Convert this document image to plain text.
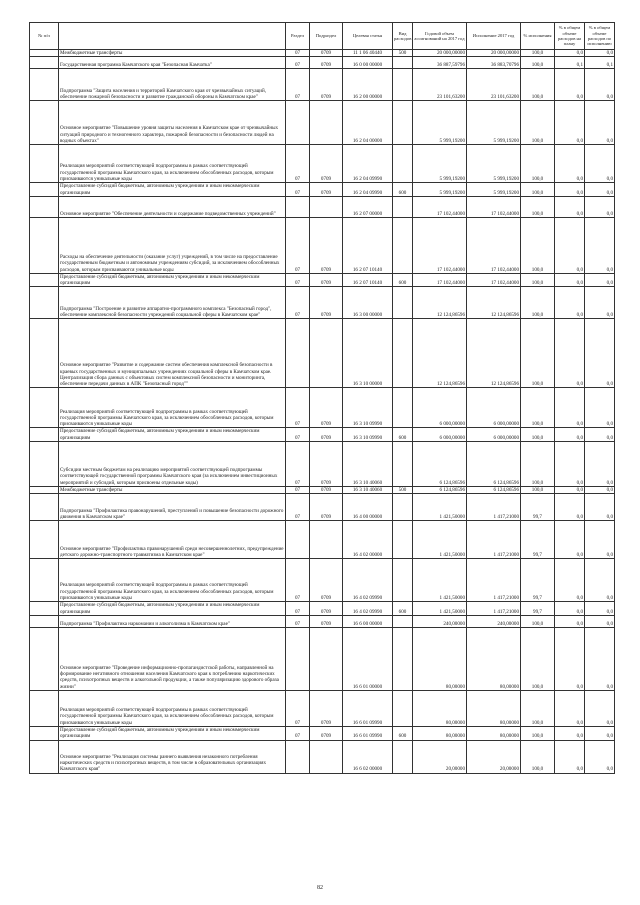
№ п/п		Раздел	Подраздел	Целевая статья	Вид расходов	Годовой объем ассигнований на 2017 год	Исполнение 2017 год	% исполнения	% в общем объеме расходов на плану	% в общем объеме расходов по исполнению
	Межбюджетные трансферты	07	0709	11 1 06 40440	500	20 000,00000	20 000,00000	100,0	0,0	0,0
	Государственная программа Камчатского края "Безопасная Камчатка"	07	0709	16 0 00 00000		36 887,59796	36 883,70796	100,0	0,1	0,1
	Подпрограмма "Защита населения и территорий Камчатского края от чрезвычайных ситуаций, обеспечение пожарной безопасности и развитие гражданской обороны в Камчатском крае"	07	0709	16 2 00 00000		23 101,63200	23 101,63200	100,0	0,0	0,0
	Основное мероприятие "Повышение уровня защиты населения в Камчатском крае от чрезвычайных ситуаций природного и техногенного характера, пожарной безопасности и безопасности людей на водных объектах"			16 2 04 00000		5 999,19200	5 999,19200	100,0	0,0	0,0
	Реализация мероприятий соответствующей подпрограммы в рамках соответствующей государственной программы Камчатского края, за исключением обособленных расходов, которым присваиваются уникальные коды	07	0709	16 2 04 09990		5 999,19200	5 999,19200	100,0	0,0	0,0
	Предоставление субсидий бюджетным, автономным учреждениям и иным некоммерческим организациям	07	0709	16 2 04 09990	600	5 999,19200	5 999,19200	100,0	0,0	0,0
	Основное мероприятие "Обеспечение деятельности и содержание подведомственных учреждений"			16 2 07 00000		17 102,44000	17 102,44000	100,0	0,0	0,0
	Расходы на обеспечение деятельности (оказание услуг) учреждений, в том числе на предоставление государственным бюджетным и автономным учреждениям субсидий, за исключением обособленных расходов, которым присваиваются уникальные коды	07	0709	16 2 07 10140		17 102,44000	17 102,44000	100,0	0,0	0,0
	Предоставление субсидий бюджетным, автономным учреждениям и иным некоммерческим организациям	07	0709	16 2 07 10140	600	17 102,44000	17 102,44000	100,0	0,0	0,0
	Подпрограмма "Построение и развитие аппаратно-программного комплекса "Безопасный город", обеспечение комплексной безопасности учреждений социальной сферы в Камчатском крае"	07	0709	16 3 00 00000		12 124,86596	12 124,86596	100,0	0,0	0,0
	Основное мероприятие "Развитие и содержание систем обеспечения комплексной безопасности в краевых государственных и муниципальных учреждениях социальной сферы в Камчатском крае. Централизация сбора данных с объектовых систем комплексной безопасности и мониторинга, обеспечение передачи данных в АПК "Безопасный город""			16 3 10 00000		12 124,86596	12 124,86596	100,0	0,0	0,0
	Реализация мероприятий соответствующей подпрограммы в рамках соответствующей государственной программы Камчатского края, за исключением обособленных расходов, которым присваиваются уникальные коды	07	0709	16 3 10 09990		6 000,00000	6 000,00000	100,0	0,0	0,0
	Предоставление субсидий бюджетным, автономным учреждениям и иным некоммерческим организациям	07	0709	16 3 10 09990	600	6 000,00000	6 000,00000	100,0	0,0	0,0
	Субсидии местным бюджетам на реализацию мероприятий соответствующей подпрограммы соответствующей государственной программы Камчатского края (за исключением инвестиционных мероприятий и субсидий, которым присвоены отдельные коды)	07	0709	16 3 10 40060		6 124,86596	6 124,86596	100,0	0,0	0,0
	Межбюджетные трансферты	07	0709	16 3 10 40060	500	6 124,86596	6 124,86596	100,0	0,0	0,0
	Подпрограмма "Профилактика правонарушений, преступлений и повышение безопасности дорожного движения в Камчатском крае"	07	0709	16 4 00 00000		1 421,50000	1 417,21000	99,7	0,0	0,0
	Основное мероприятие "Профилактика правонарушений среди несовершеннолетних, предупреждение детского дорожно-транспортного травматизма в Камчатском крае"			16 4 02 00000		1 421,50000	1 417,21000	99,7	0,0	0,0
	Реализация мероприятий соответствующей подпрограммы в рамках соответствующей государственной программы Камчатского края, за исключением обособленных расходов, которым присваиваются уникальные коды	07	0709	16 4 02 09990		1 421,50000	1 417,21000	99,7	0,0	0,0
	Предоставление субсидий бюджетным, автономным учреждениям и иным некоммерческим организациям	07	0709	16 4 02 09990	600	1 421,50000	1 417,21000	99,7	0,0	0,0
	Подпрограмма "Профилактика наркомании и алкоголизма в Камчатском крае"	07	0709	16 6 00 00000		240,00000	240,00000	100,0	0,0	0,0
	Основное мероприятие "Проведение информационно-пропагандистской работы, направленной на формирование негативного отношения населения Камчатского края к потреблению наркотических средств, психотропных веществ и алкогольной продукции, а также популяризацию здорового образа жизни"			16 6 01 00000		80,00000	80,00000	100,0	0,0	0,0
	Реализация мероприятий соответствующей подпрограммы в рамках соответствующей государственной программы Камчатского края, за исключением обособленных расходов, которым присваиваются уникальные коды	07	0709	16 6 01 09990		80,00000	80,00000	100,0	0,0	0,0
	Предоставление субсидий бюджетным, автономным учреждениям и иным некоммерческим организациям	07	0709	16 6 01 09990	600	80,00000	80,00000	100,0	0,0	0,0
	Основное мероприятие "Реализация системы раннего выявления незаконного потребления наркотических средств и психотропных веществ, в том числе в образовательных организациях Камчатского края"			16 6 02 00000		20,00000	20,00000	100,0	0,0	0,0
82
